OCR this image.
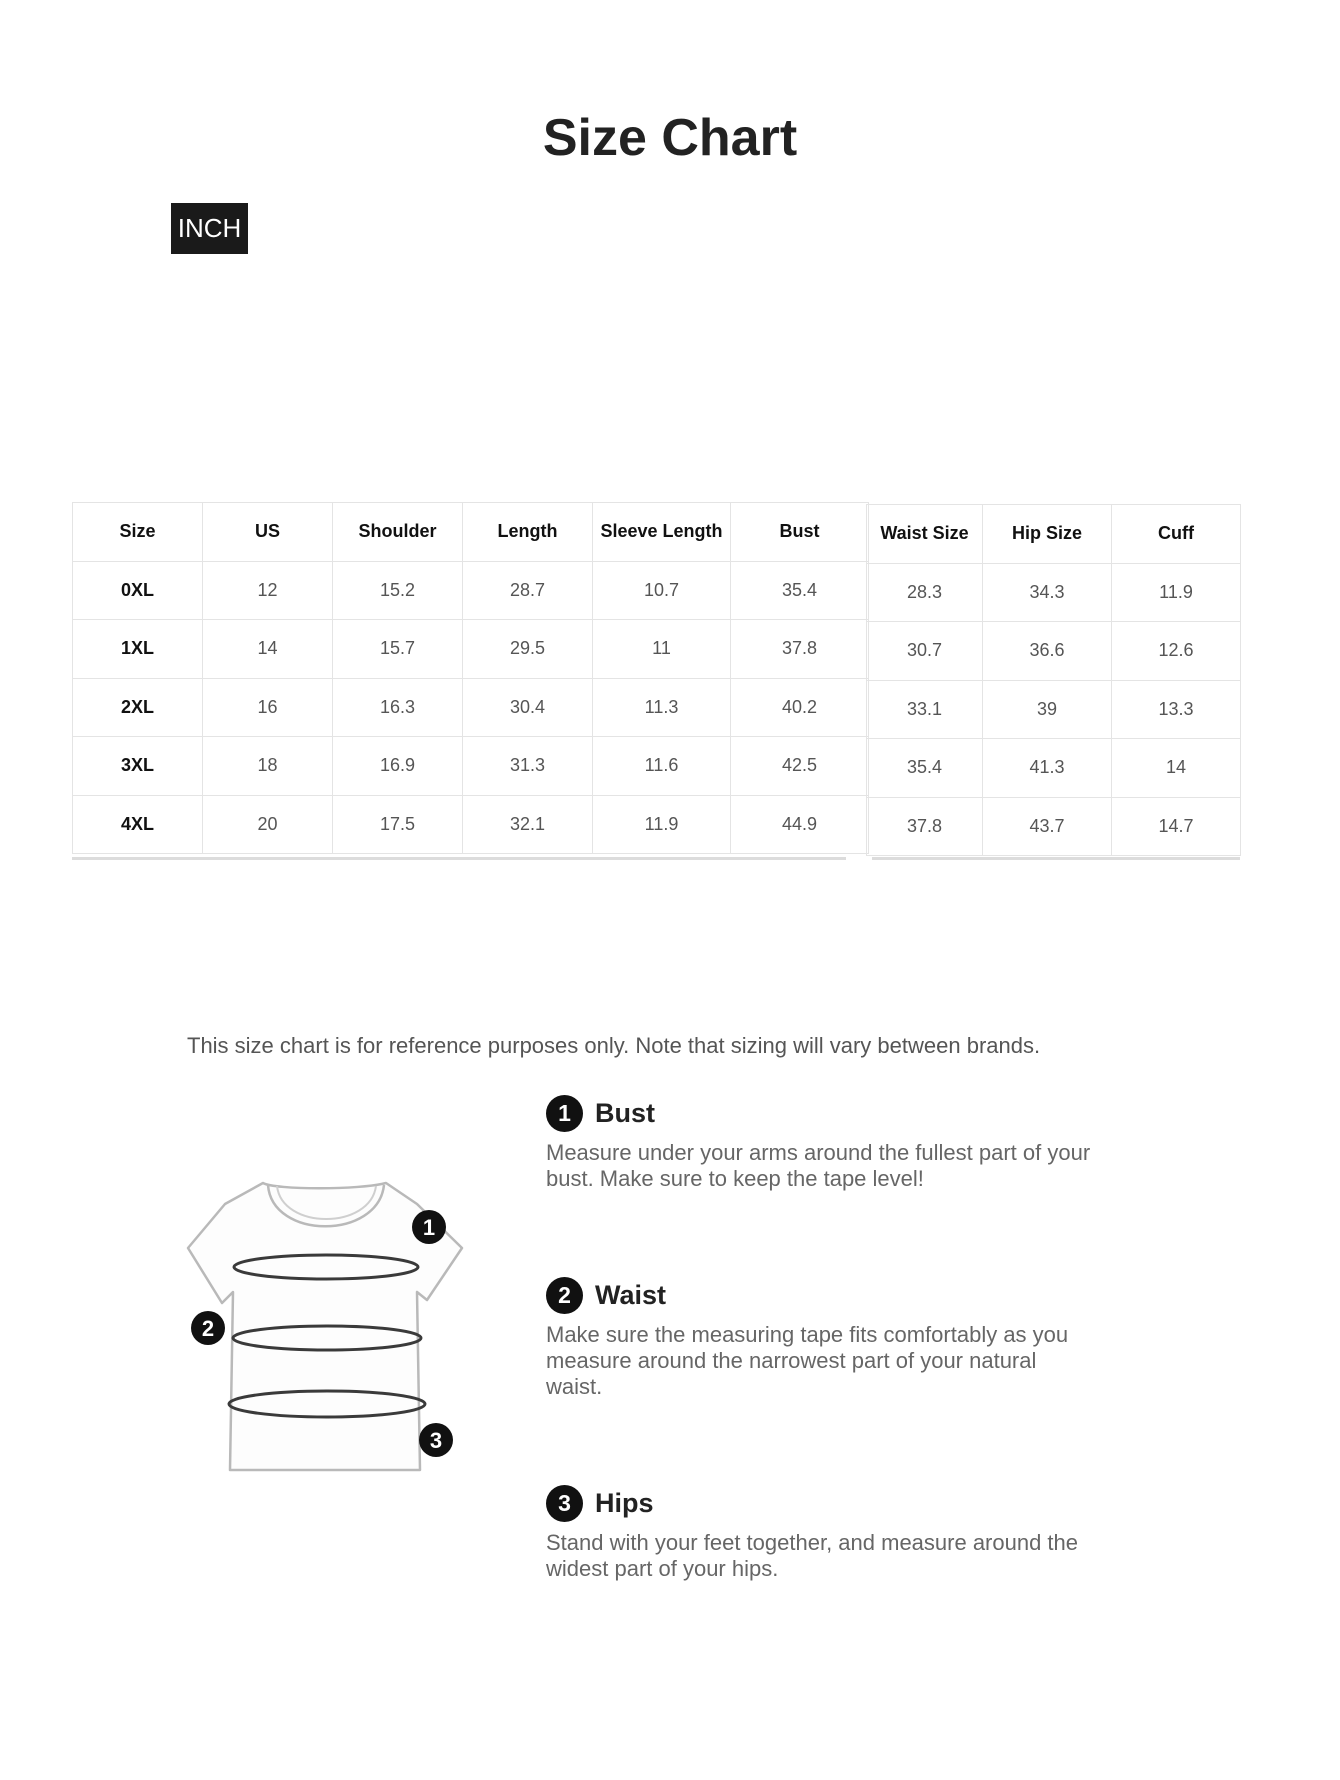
Size Chart
INCH
Size	US	Shoulder	Length	Sleeve Length	Bust
0XL	12	15.2	28.7	10.7	35.4
1XL	14	15.7	29.5	11	37.8
2XL	16	16.3	30.4	11.3	40.2
3XL	18	16.9	31.3	11.6	42.5
4XL	20	17.5	32.1	11.9	44.9
Waist Size	Hip Size	Cuff
28.3	34.3	11.9
30.7	36.6	12.6
33.1	39	13.3
35.4	41.3	14
37.8	43.7	14.7
This size chart is for reference purposes only. Note that sizing will vary between brands.
1
2
3
1 Bust
Measure under your arms around the fullest part of your
bust. Make sure to keep the tape level!
2 Waist
Make sure the measuring tape fits comfortably as you
measure around the narrowest part of your natural
waist.
3 Hips
Stand with your feet together, and measure around the
widest part of your hips.
